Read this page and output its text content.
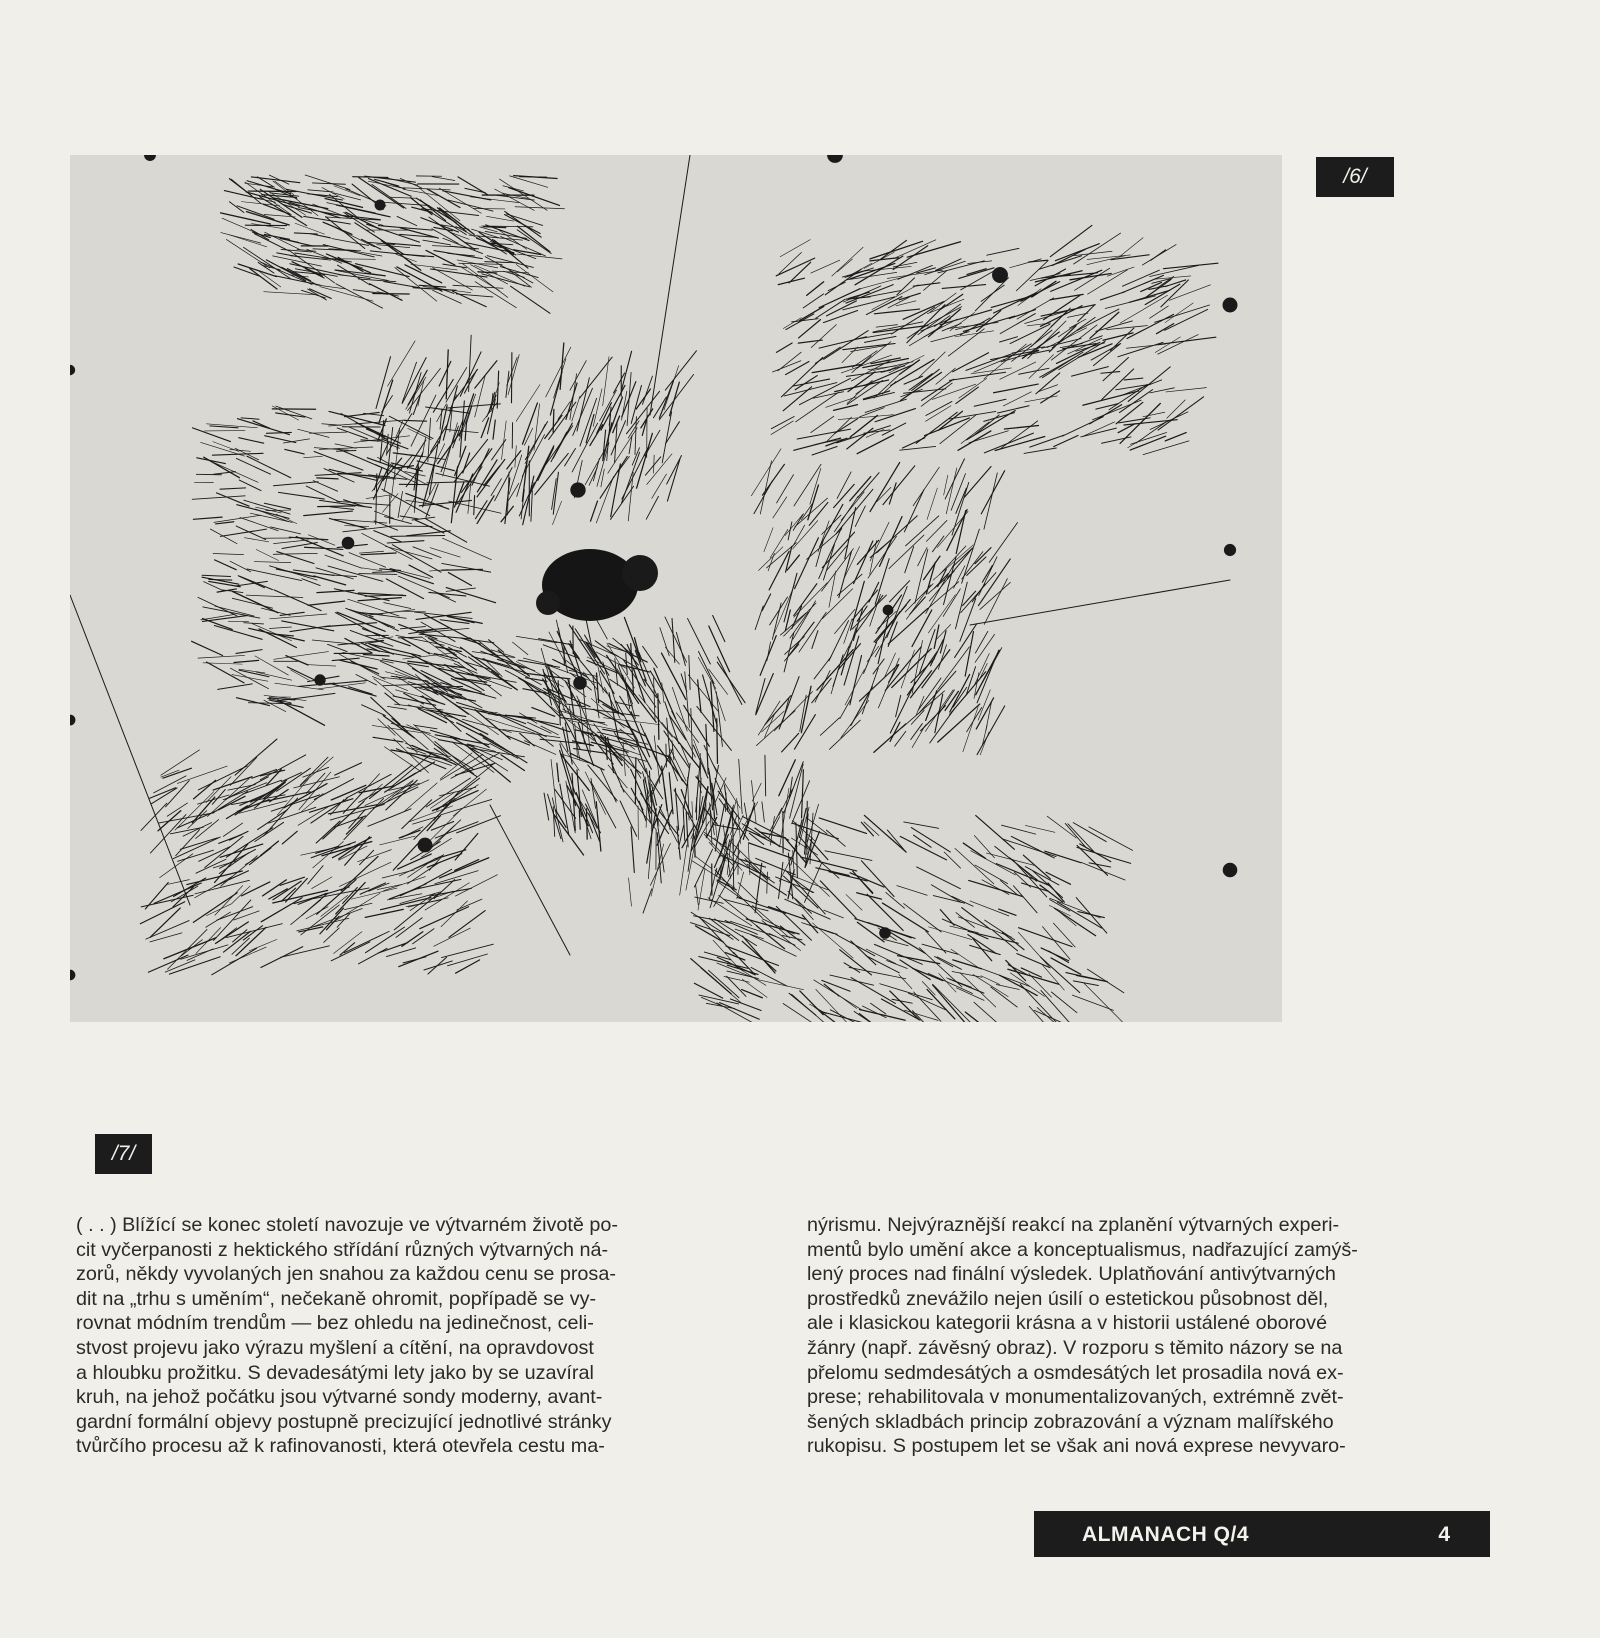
/6/
/7/
( . . ) Blížící se konec století navozuje ve výtvarném životě po-
cit vyčerpanosti z hektického střídání různých výtvarných ná-
zorů, někdy vyvolaných jen snahou za každou cenu se prosa-
dit na „trhu s uměním“, nečekaně ohromit, popřípadě se vy-
rovnat módním trendům — bez ohledu na jedinečnost, celi-
stvost projevu jako výrazu myšlení a cítění, na opravdovost
a hloubku prožitku. S devadesátými lety jako by se uzavíral
kruh, na jehož počátku jsou výtvarné sondy moderny, avant-
gardní formální objevy postupně precizující jednotlivé stránky
tvůrčího procesu až k rafinovanosti, která otevřela cestu ma-
nýrismu. Nejvýraznější reakcí na zplanění výtvarných experi-
mentů bylo umění akce a konceptualismus, nadřazující zamýš-
lený proces nad finální výsledek. Uplatňování antivýtvarných
prostředků znevážilo nejen úsilí o estetickou působnost děl,
ale i klasickou kategorii krásna a v historii ustálené oborové
žánry (např. závěsný obraz). V rozporu s těmito názory se na
přelomu sedmdesátých a osmdesátých let prosadila nová ex-
prese; rehabilitovala v monumentalizovaných, extrémně zvět-
šených skladbách princip zobrazování a význam malířského
rukopisu. S postupem let se však ani nová exprese nevyvaro-
ALMANACH Q/4	4
